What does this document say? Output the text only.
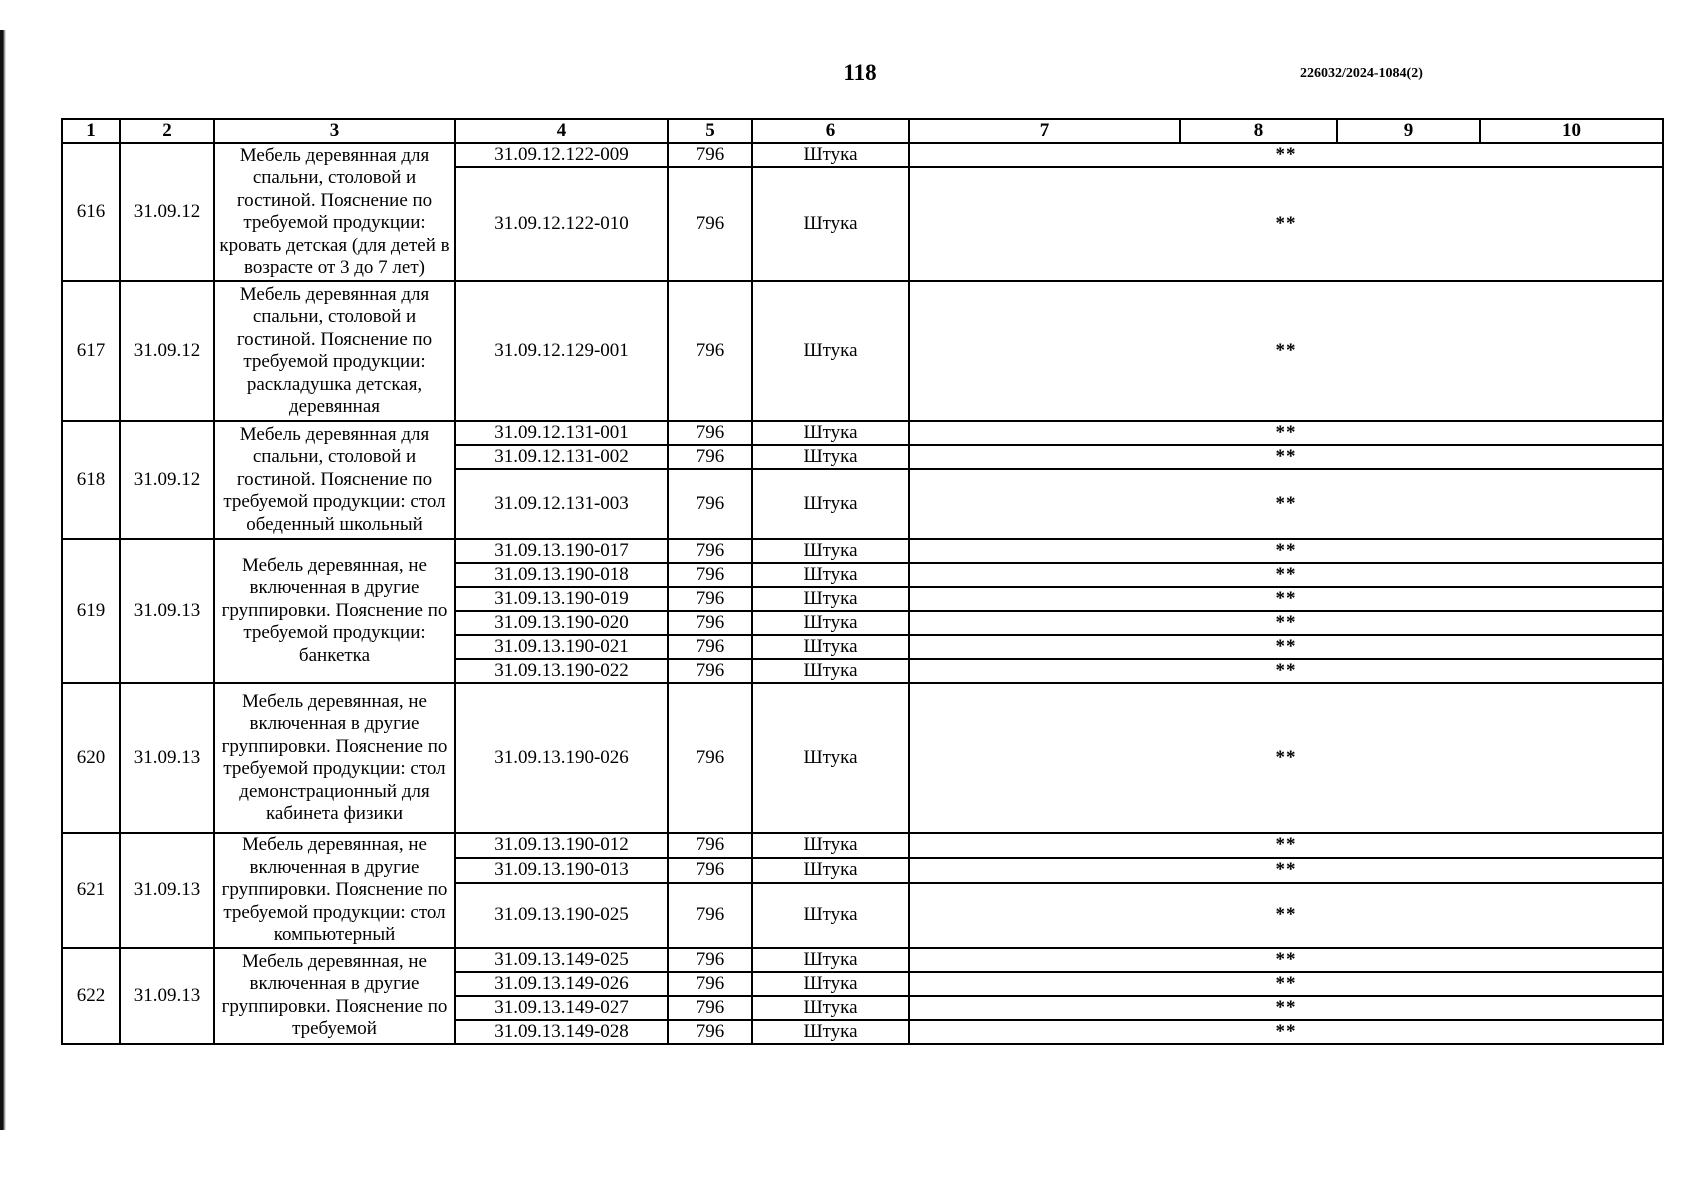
118	226032/2024-1084(2)
1	2	3	4	5	6	7	8	9	10
616	31.09.12	Мебель деревянная для спальни, столовой и гостиной. Пояснение по требуемой продукции: кровать детская (для детей в возрасте от 3 до 7 лет)	31.09.12.122-009	796	Штука	**			
			31.09.12.122-010	796	Штука	**			
617	31.09.12	Мебель деревянная для спальни, столовой и гостиной. Пояснение по требуемой продукции: раскладушка детская, деревянная	31.09.12.129-001	796	Штука	**			
618	31.09.12	Мебель деревянная для спальни, столовой и гостиной. Пояснение по требуемой продукции: стол обеденный школьный	31.09.12.131-001	796	Штука	**			
			31.09.12.131-002	796	Штука	**			
			31.09.12.131-003	796	Штука	**			
619	31.09.13	Мебель деревянная, не включенная в другие группировки. Пояснение по требуемой продукции: банкетка	31.09.13.190-017	796	Штука	**			
			31.09.13.190-018	796	Штука	**			
			31.09.13.190-019	796	Штука	**			
			31.09.13.190-020	796	Штука	**			
			31.09.13.190-021	796	Штука	**			
			31.09.13.190-022	796	Штука	**			
620	31.09.13	Мебель деревянная, не включенная в другие группировки. Пояснение по требуемой продукции: стол демонстрационный для кабинета физики	31.09.13.190-026	796	Штука	**			
621	31.09.13	Мебель деревянная, не включенная в другие группировки. Пояснение по требуемой продукции: стол компьютерный	31.09.13.190-012	796	Штука	**			
			31.09.13.190-013	796	Штука	**			
			31.09.13.190-025	796	Штука	**			
622	31.09.13	Мебель деревянная, не включенная в другие группировки. Пояснение по требуемой	31.09.13.149-025	796	Штука	**			
			31.09.13.149-026	796	Штука	**			
			31.09.13.149-027	796	Штука	**			
			31.09.13.149-028	796	Штука	**			
